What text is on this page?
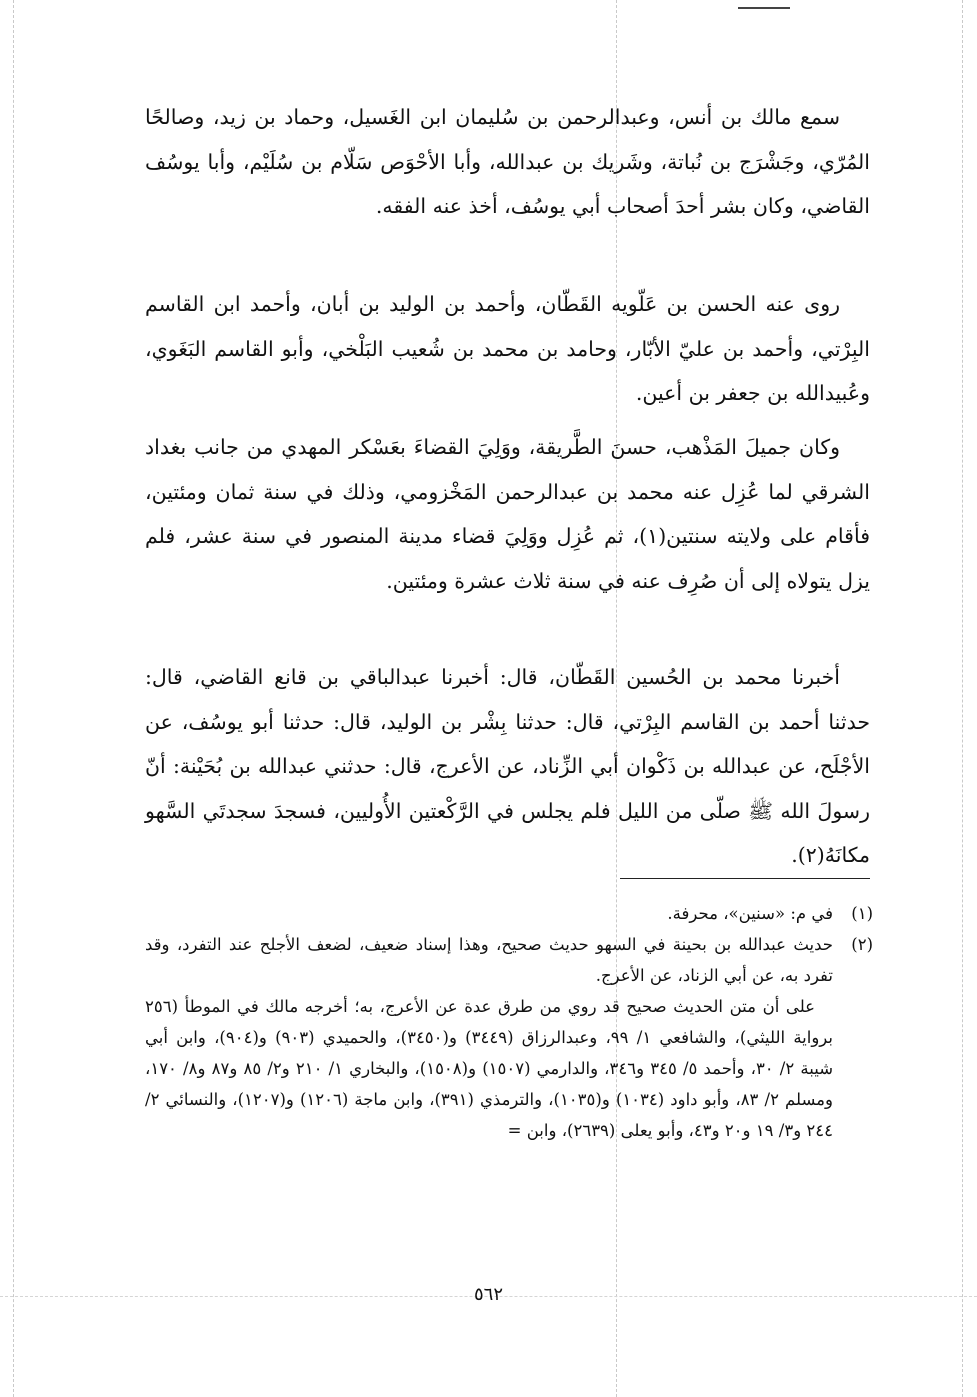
سمع مالك بن أنس، وعبدالرحمن بن سُليمان ابن الغَسيل، وحماد بن زيد، وصالحًا المُرّي، وجَشْرَج بن نُباتة، وشَريك بن عبدالله، وأبا الأحْوَص سَلّام بن سُلَيْم، وأبا يوسُف القاضي، وكان بشر أحدَ أصحاب أبي يوسُف، أخذ عنه الفقه.

روى عنه الحسن بن عَلّويه القَطّان، وأحمد بن الوليد بن أبان، وأحمد ابن القاسم البِرْتي، وأحمد بن عليّ الأبّار، وحامد بن محمد بن شُعيب البَلْخي، وأبو القاسم البَغَوي، وعُبيدالله بن جعفر بن أعين.

وكان جميلَ المَذْهب، حسنَ الطَّريقة، ووَلِيَ القضاءَ بعَسْكر المهدي من جانب بغداد الشرقي لما عُزِل عنه محمد بن عبدالرحمن المَخْزومي، وذلك في سنة ثمان ومئتين، فأقام على ولايته سنتين(١)، ثم عُزِل ووَلِيَ قضاء مدينة المنصور في سنة عشر، فلم يزل يتولاه إلى أن صُرِف عنه في سنة ثلاث عشرة ومئتين.

أخبرنا محمد بن الحُسين القَطّان، قال: أخبرنا عبدالباقي بن قانع القاضي، قال: حدثنا أحمد بن القاسم البِرْتي، قال: حدثنا بِشْر بن الوليد، قال: حدثنا أبو يوسُف، عن الأجْلَح، عن عبدالله بن ذَكْوان أبي الزِّناد، عن الأعرج، قال: حدثني عبدالله بن بُحَيْنة: أنّ رسولَ الله ﷺ صلّى من الليل فلم يجلس في الرَّكْعتين الأُوليين، فسجدَ سجدتَي السَّهو مكانَهُ(٢).

(١)
في م: «سنين»، محرفة.

(٢)
حديث عبدالله بن بحينة في السهو حديث صحيح، وهذا إسناد ضعيف، لضعف الأجلح عند التفرد، وقد تفرد به، عن أبي الزناد، عن الأعرج.

على أن متن الحديث صحيح قد روي من طرق عدة عن الأعرج، به؛ أخرجه مالك في الموطأ (٢٥٦ برواية الليثي)، والشافعي ١/ ٩٩، وعبدالرزاق (٣٤٤٩) و(٣٤٥٠)، والحميدي (٩٠٣) و(٩٠٤)، وابن أبي شيبة ٢/ ٣٠، وأحمد ٥/ ٣٤٥ و٣٤٦، والدارمي (١٥٠٧) و(١٥٠٨)، والبخاري ١/ ٢١٠ و٢/ ٨٥ و٨٧ و٨/ ١٧٠، ومسلم ٢/ ٨٣، وأبو داود (١٠٣٤) و(١٠٣٥)، والترمذي (٣٩١)، وابن ماجة (١٢٠٦) و(١٢٠٧)، والنسائي ٢/ ٢٤٤ و٣/ ١٩ و٢٠ و٤٣، وأبو يعلى (٢٦٣٩)، وابن =

٥٦٢
